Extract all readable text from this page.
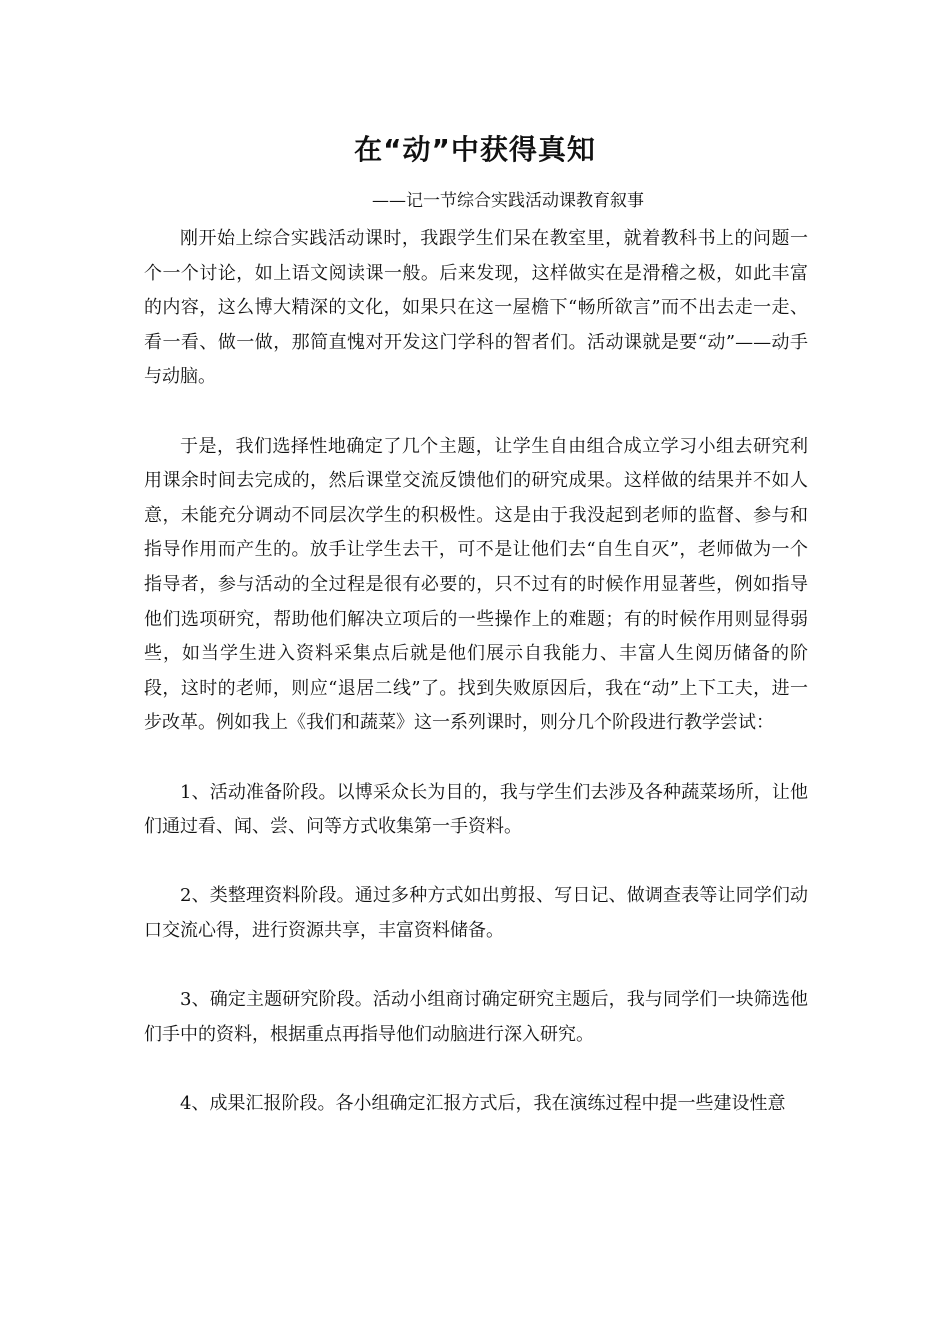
在“动”中获得真知

——记一节综合实践活动课教育叙事

刚开始上综合实践活动课时，我跟学生们呆在教室里，就着教科书上的问题一个一个讨论，如上语文阅读课一般。后来发现，这样做实在是滑稽之极，如此丰富的内容，这么博大精深的文化，如果只在这一屋檐下“畅所欲言”而不出去走一走、看一看、做一做，那简直愧对开发这门学科的智者们。活动课就是要“动”——动手与动脑。

于是，我们选择性地确定了几个主题，让学生自由组合成立学习小组去研究利用课余时间去完成的，然后课堂交流反馈他们的研究成果。这样做的结果并不如人意，未能充分调动不同层次学生的积极性。这是由于我没起到老师的监督、参与和指导作用而产生的。放手让学生去干，可不是让他们去“自生自灭”，老师做为一个指导者，参与活动的全过程是很有必要的，只不过有的时候作用显著些，例如指导他们选项研究，帮助他们解决立项后的一些操作上的难题；有的时候作用则显得弱些，如当学生进入资料采集点后就是他们展示自我能力、丰富人生阅历储备的阶段，这时的老师，则应“退居二线”了。找到失败原因后，我在“动”上下工夫，进一步改革。例如我上《我们和蔬菜》这一系列课时，则分几个阶段进行教学尝试：

1、活动准备阶段。以博采众长为目的，我与学生们去涉及各种蔬菜场所，让他们通过看、闻、尝、问等方式收集第一手资料。

2、类整理资料阶段。通过多种方式如出剪报、写日记、做调查表等让同学们动口交流心得，进行资源共享，丰富资料储备。

3、确定主题研究阶段。活动小组商讨确定研究主题后，我与同学们一块筛选他们手中的资料，根据重点再指导他们动脑进行深入研究。

4、成果汇报阶段。各小组确定汇报方式后，我在演练过程中提一些建设性意
